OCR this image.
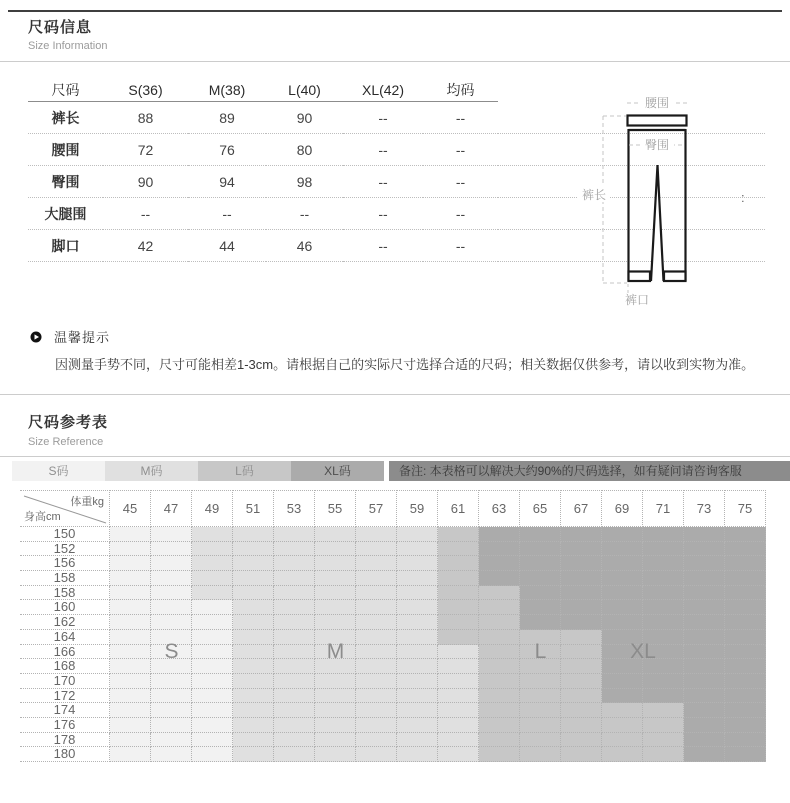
尺码信息
Size Information
尺码	S(36)	M(38)	L(40)	XL(42)	均码	
裤长	88	89	90	--	--	
腰围	72	76	80	--	--	
臀围	90	94	98	--	--	
大腿围	--	--	--	--	--	
脚口	42	44	46	--	--	
腰围
臀围
裤长
裤口
:
温馨提示
因测量手势不同，尺寸可能相差1-3cm。请根据自己的实际尺寸选择合适的尺码；相关数据仅供参考，请以收到实物为准。
尺码参考表
Size Reference
S码	M码	L码	XL码	备注: 本表格可以解决大约90%的尺码选择，如有疑问请咨询客服
体重kg
身高cm
45	47	49	51	53	55	57	59	61	63	65	67	69	71	73	75
150
152
156
158
158
160
162
164
166
168
170
172
174
176
178
180
S	M	L	XL
